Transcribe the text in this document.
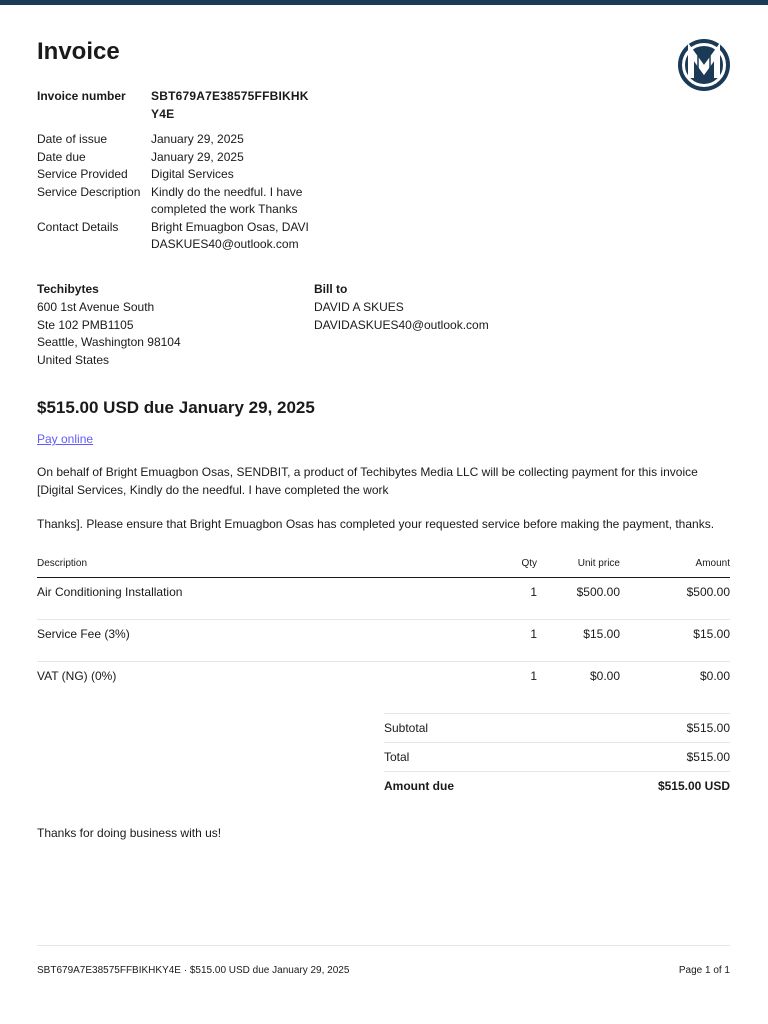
Invoice
Invoice number	SBT679A7E38575FFBIKHKY4E
Date of issue	January 29, 2025
Date due	January 29, 2025
Service Provided	Digital Services
Service Description	Kindly do the needful. I have completed the work Thanks
Contact Details	Bright Emuagbon Osas, DAVIDASKUES40@outlook.com
Techibytes
600 1st Avenue South
Ste 102 PMB1105
Seattle, Washington 98104
United States
Bill to
DAVID A SKUES
DAVIDASKUES40@outlook.com
$515.00 USD due January 29, 2025
Pay online

On behalf of Bright Emuagbon Osas, SENDBIT, a product of Techibytes Media LLC will be collecting payment for this invoice [Digital Services, Kindly do the needful. I have completed the work

Thanks]. Please ensure that Bright Emuagbon Osas has completed your requested service before making the payment, thanks.

Description	Qty	Unit price	Amount
Air Conditioning Installation	1	$500.00	$500.00
Service Fee (3%)	1	$15.00	$15.00
VAT (NG) (0%)	1	$0.00	$0.00
Subtotal	$515.00
Total	$515.00
Amount due	$515.00 USD
Thanks for doing business with us!
SBT679A7E38575FFBIKHKY4E · $515.00 USD due January 29, 2025	Page 1 of 1
